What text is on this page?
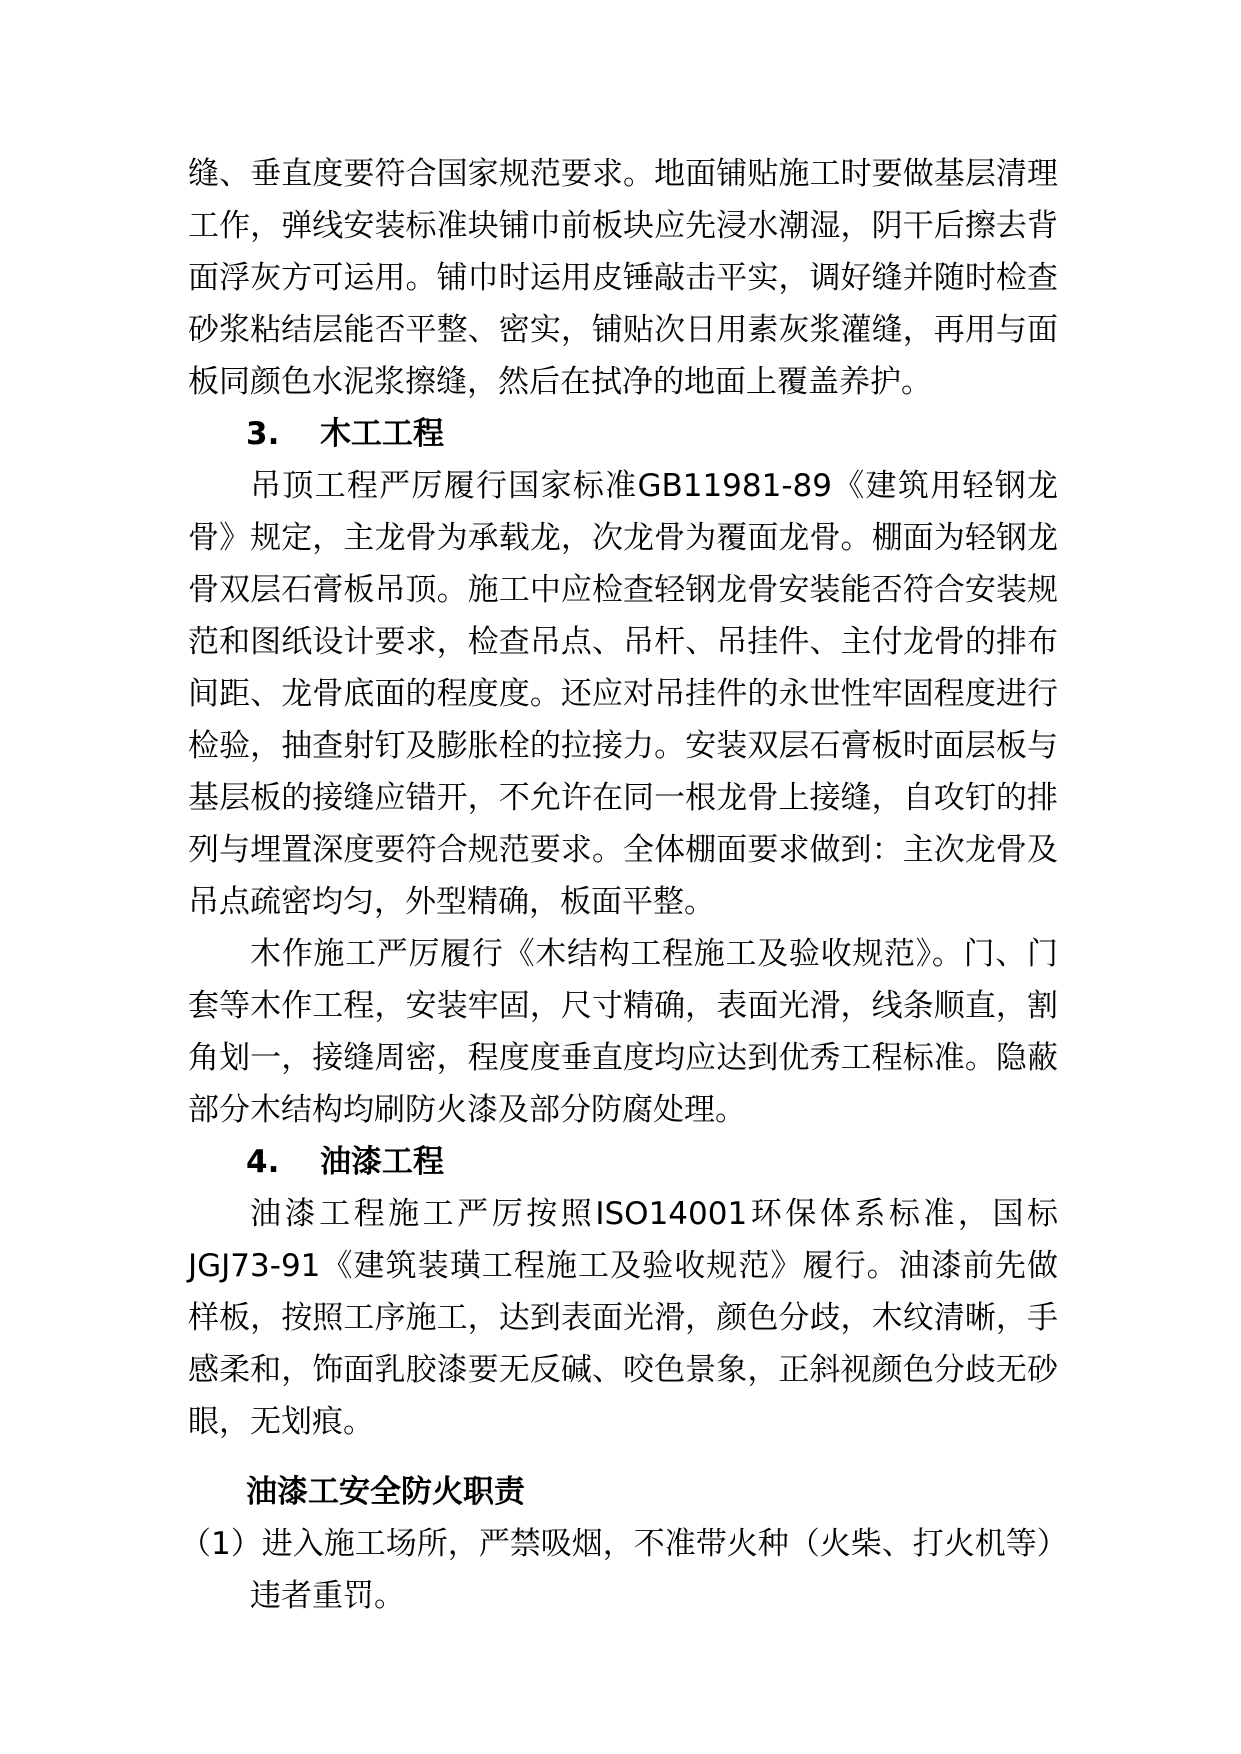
缝、垂直度要符合国家规范要求。地面铺贴施工时要做基层清理工作，弹线安装标准块铺巾前板块应先浸水潮湿，阴干后擦去背面浮灰方可运用。铺巾时运用皮锤敲击平实，调好缝并随时检查砂浆粘结层能否平整、密实，铺贴次日用素灰浆灌缝，再用与面板同颜色水泥浆擦缝，然后在拭净的地面上覆盖养护。

3. 木工工程

吊顶工程严厉履行国家标准GB11981-89《建筑用轻钢龙骨》规定，主龙骨为承载龙，次龙骨为覆面龙骨。棚面为轻钢龙骨双层石膏板吊顶。施工中应检查轻钢龙骨安装能否符合安装规范和图纸设计要求，检查吊点、吊杆、吊挂件、主付龙骨的排布间距、龙骨底面的程度度。还应对吊挂件的永世性牢固程度进行检验，抽查射钉及膨胀栓的拉接力。安装双层石膏板时面层板与基层板的接缝应错开，不允许在同一根龙骨上接缝，自攻钉的排列与埋置深度要符合规范要求。全体棚面要求做到：主次龙骨及吊点疏密均匀，外型精确，板面平整。

木作施工严厉履行《木结构工程施工及验收规范》。门、门套等木作工程，安装牢固，尺寸精确，表面光滑，线条顺直，割角划一，接缝周密，程度度垂直度均应达到优秀工程标准。隐蔽部分木结构均刷防火漆及部分防腐处理。

4. 油漆工程

油漆工程施工严厉按照ISO14001环保体系标准，国标JGJ73-91《建筑装璜工程施工及验收规范》履行。油漆前先做样板，按照工序施工，达到表面光滑，颜色分歧，木纹清晰，手感柔和，饰面乳胶漆要无反碱、咬色景象，正斜视颜色分歧无砂眼，无划痕。

油漆工安全防火职责

（1）进入施工场所，严禁吸烟，不准带火种（火柴、打火机等）违者重罚。
